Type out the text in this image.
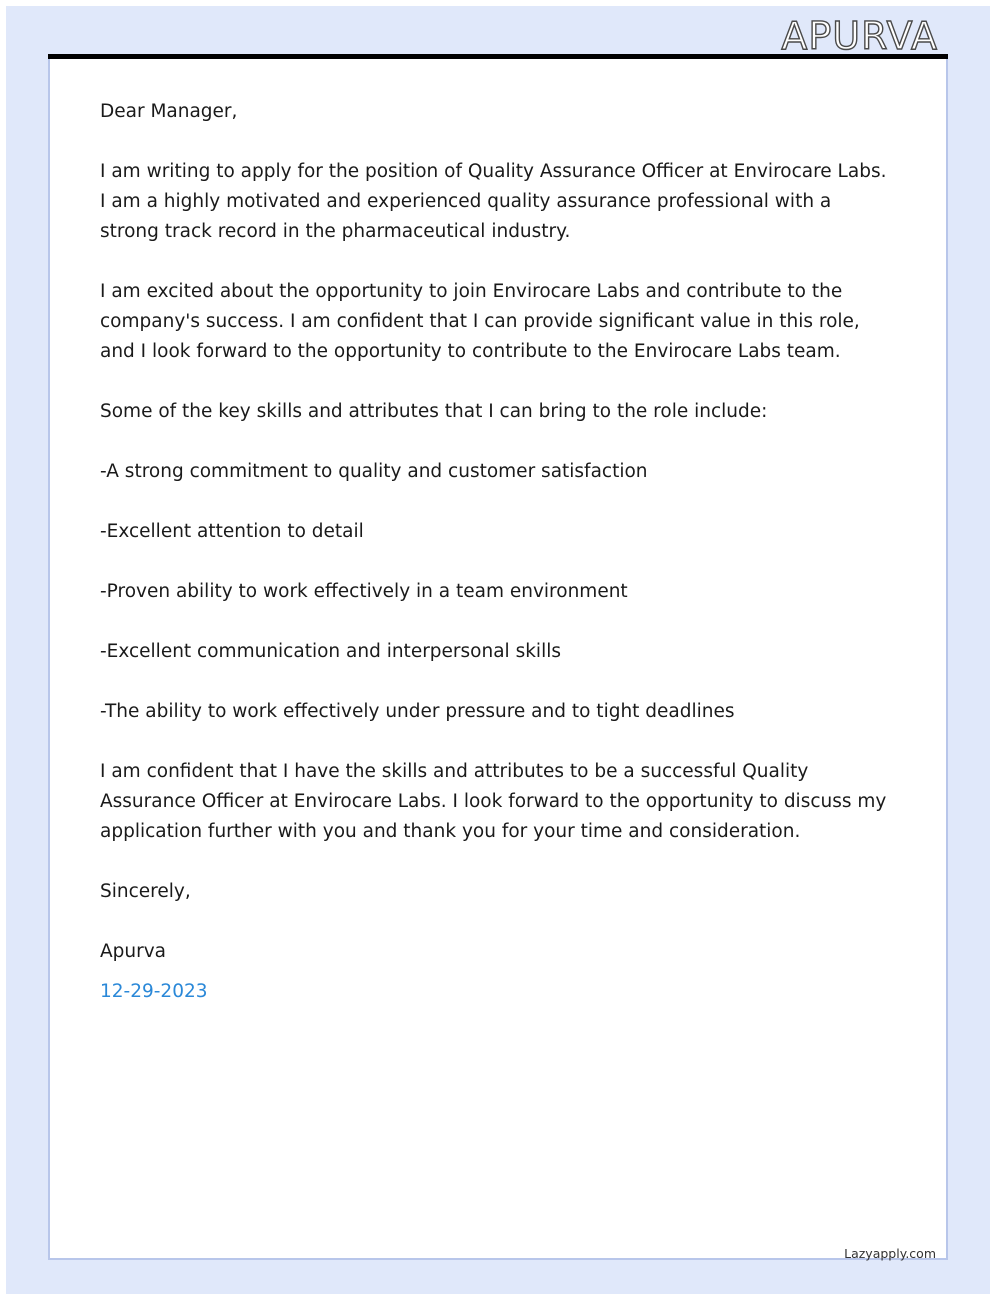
APURVA

Dear Manager,

I am writing to apply for the position of Quality Assurance Officer at Envirocare Labs. I am a highly motivated and experienced quality assurance professional with a strong track record in the pharmaceutical industry.

I am excited about the opportunity to join Envirocare Labs and contribute to the company's success. I am confident that I can provide significant value in this role, and I look forward to the opportunity to contribute to the Envirocare Labs team.

Some of the key skills and attributes that I can bring to the role include:

-A strong commitment to quality and customer satisfaction

-Excellent attention to detail

-Proven ability to work effectively in a team environment

-Excellent communication and interpersonal skills

-The ability to work effectively under pressure and to tight deadlines

I am confident that I have the skills and attributes to be a successful Quality Assurance Officer at Envirocare Labs. I look forward to the opportunity to discuss my application further with you and thank you for your time and consideration.

Sincerely,

Apurva

12-29-2023

Lazyapply.com
